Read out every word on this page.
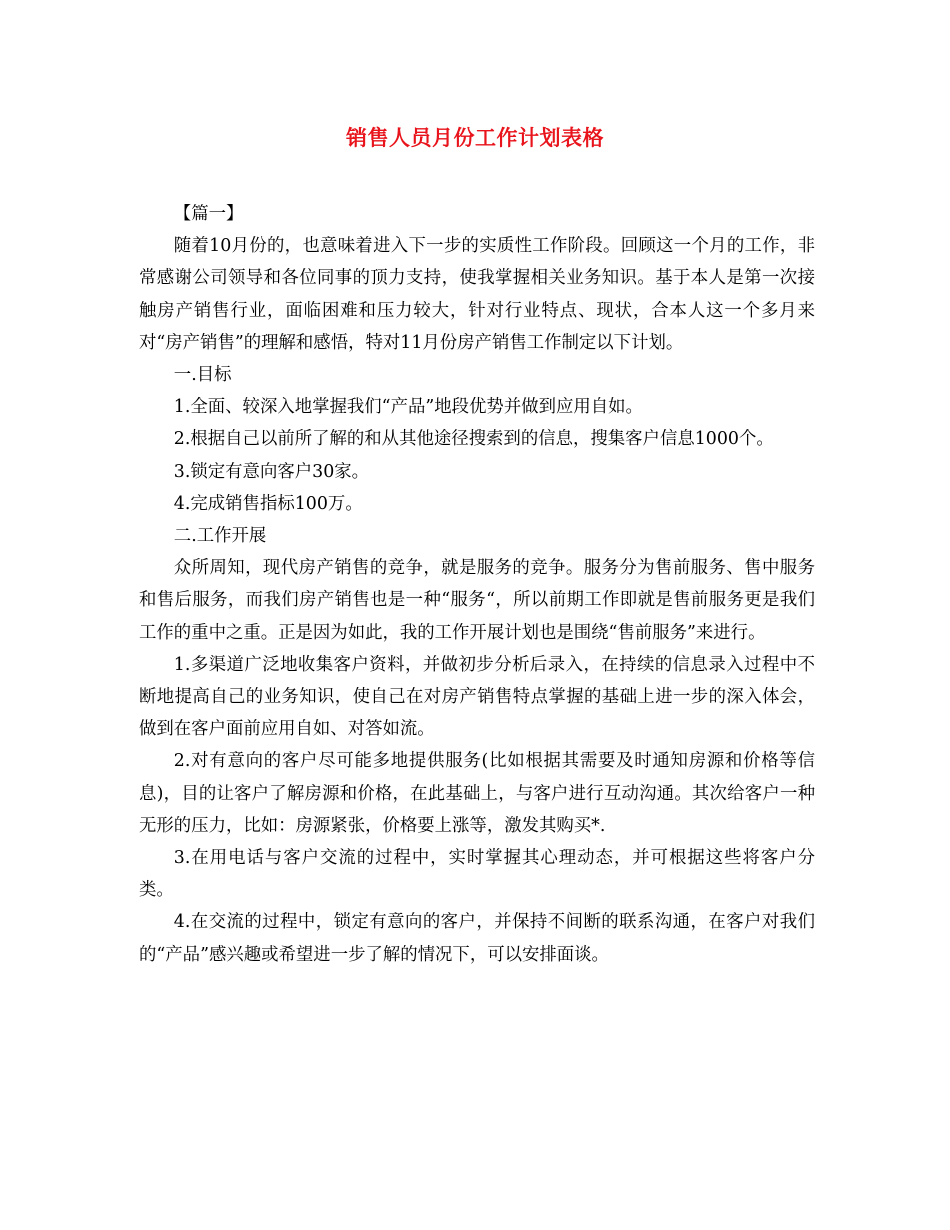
销售人员月份工作计划表格

【篇一】

随着10月份的，也意味着进入下一步的实质性工作阶段。回顾这一个月的工作，非常感谢公司领导和各位同事的顶力支持，使我掌握相关业务知识。基于本人是第一次接触房产销售行业，面临困难和压力较大，针对行业特点、现状，合本人这一个多月来对“房产销售”的理解和感悟，特对11月份房产销售工作制定以下计划。

一.目标

1.全面、较深入地掌握我们“产品”地段优势并做到应用自如。

2.根据自己以前所了解的和从其他途径搜索到的信息，搜集客户信息1000个。

3.锁定有意向客户30家。

4.完成销售指标100万。

二.工作开展

众所周知，现代房产销售的竞争，就是服务的竞争。服务分为售前服务、售中服务和售后服务，而我们房产销售也是一种“服务“，所以前期工作即就是售前服务更是我们工作的重中之重。正是因为如此，我的工作开展计划也是围绕“售前服务”来进行。

1.多渠道广泛地收集客户资料，并做初步分析后录入，在持续的信息录入过程中不断地提高自己的业务知识，使自己在对房产销售特点掌握的基础上进一步的深入体会，做到在客户面前应用自如、对答如流。

2.对有意向的客户尽可能多地提供服务(比如根据其需要及时通知房源和价格等信息)，目的让客户了解房源和价格，在此基础上，与客户进行互动沟通。其次给客户一种无形的压力，比如：房源紧张，价格要上涨等，激发其购买*.

3.在用电话与客户交流的过程中，实时掌握其心理动态，并可根据这些将客户分类。

4.在交流的过程中，锁定有意向的客户，并保持不间断的联系沟通，在客户对我们的“产品”感兴趣或希望进一步了解的情况下，可以安排面谈。
